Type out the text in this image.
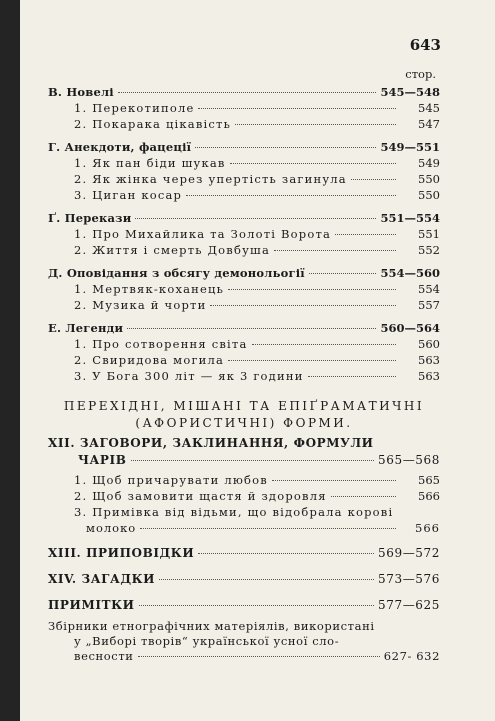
643
стор.
В. Новелі	545—548
1. Перекотиполе	545
2. Покарака цікавість	547
Г. Анекдоти, фацеції	549—551
1. Як пан біди шукав	549
2. Як жінка через упертість загинула	550
3. Циган косар	550
Ґ. Перекази	551—554
1. Про Михайлика та Золоті Ворота	551
2. Життя і смерть Довбуша	552
Д. Оповідання з обсягу демонольогії	554—560
1. Мертвяк-коханець	554
2. Музика й чорти	557
Е. Легенди	560—564
1. Про сотворення світа	560
2. Свиридова могила	563
3. У Бога 300 літ — як 3 години	563
ПЕРЕХІДНІ, МІШАНІ ТА ЕПІҐРАМАТИЧНІ
(АФОРИСТИЧНІ) ФОРМИ.
ХІІ. ЗАГОВОРИ, ЗАКЛИНАННЯ, ФОРМУЛИ
ЧАРІВ	565—568
1. Щоб причарувати любов	565
2. Щоб замовити щастя й здоровля	566
3. Примівка від відьми, що відобрала корові
молоко	566
ХІІІ. ПРИПОВІДКИ	569—572
XIV. ЗАГАДКИ	573—576
ПРИМІТКИ	577—625
Збірники етнографічних матеріялів, використані
у „Виборі творів“ української усної сло-
весности	627- 632
